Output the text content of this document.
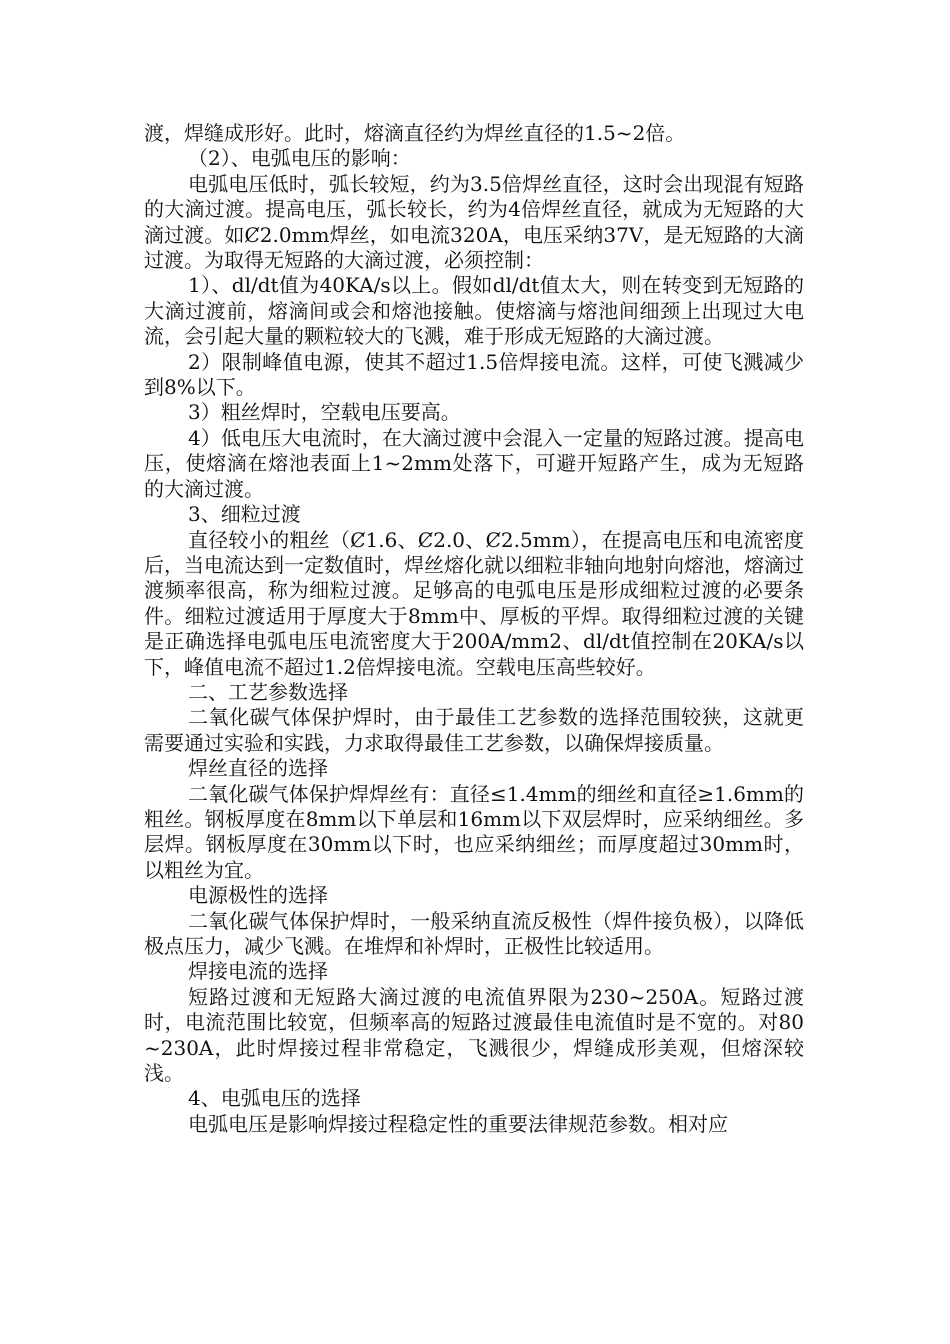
渡，焊缝成形好。此时，熔滴直径约为焊丝直径的1.5~2倍。

（2）、电弧电压的影响：

电弧电压低时，弧长较短，约为3.5倍焊丝直径，这时会出现混有短路的大滴过渡。提高电压，弧长较长，约为4倍焊丝直径，就成为无短路的大滴过渡。如Ȼ2.0mm焊丝，如电流320A，电压采纳37V，是无短路的大滴过渡。为取得无短路的大滴过渡，必须控制：

1）、dl/dt值为40KA/s以上。假如dl/dt值太大，则在转变到无短路的大滴过渡前，熔滴间或会和熔池接触。使熔滴与熔池间细颈上出现过大电流，会引起大量的颗粒较大的飞溅，难于形成无短路的大滴过渡。

2）限制峰值电源，使其不超过1.5倍焊接电流。这样，可使飞溅减少到8%以下。

3）粗丝焊时，空载电压要高。

4）低电压大电流时，在大滴过渡中会混入一定量的短路过渡。提高电压，使熔滴在熔池表面上1~2mm处落下，可避开短路产生，成为无短路的大滴过渡。

3、细粒过渡

直径较小的粗丝（Ȼ1.6、Ȼ2.0、Ȼ2.5mm），在提高电压和电流密度后，当电流达到一定数值时，焊丝熔化就以细粒非轴向地射向熔池，熔滴过渡频率很高，称为细粒过渡。足够高的电弧电压是形成细粒过渡的必要条件。细粒过渡适用于厚度大于8mm中、厚板的平焊。取得细粒过渡的关键是正确选择电弧电压电流密度大于200A/mm2、dl/dt值控制在20KA/s以下，峰值电流不超过1.2倍焊接电流。空载电压高些较好。

二、工艺参数选择

二氧化碳气体保护焊时，由于最佳工艺参数的选择范围较狭，这就更需要通过实验和实践，力求取得最佳工艺参数，以确保焊接质量。

焊丝直径的选择

二氧化碳气体保护焊焊丝有：直径≤1.4mm的细丝和直径≥1.6mm的粗丝。钢板厚度在8mm以下单层和16mm以下双层焊时，应采纳细丝。多层焊。钢板厚度在30mm以下时，也应采纳细丝；而厚度超过30mm时，以粗丝为宜。

电源极性的选择

二氧化碳气体保护焊时，一般采纳直流反极性（焊件接负极），以降低极点压力，减少飞溅。在堆焊和补焊时，正极性比较适用。

焊接电流的选择

短路过渡和无短路大滴过渡的电流值界限为230~250A。短路过渡时，电流范围比较宽，但频率高的短路过渡最佳电流值时是不宽的。对80~230A，此时焊接过程非常稳定，飞溅很少，焊缝成形美观，但熔深较浅。

4、电弧电压的选择

电弧电压是影响焊接过程稳定性的重要法律规范参数。相对应
